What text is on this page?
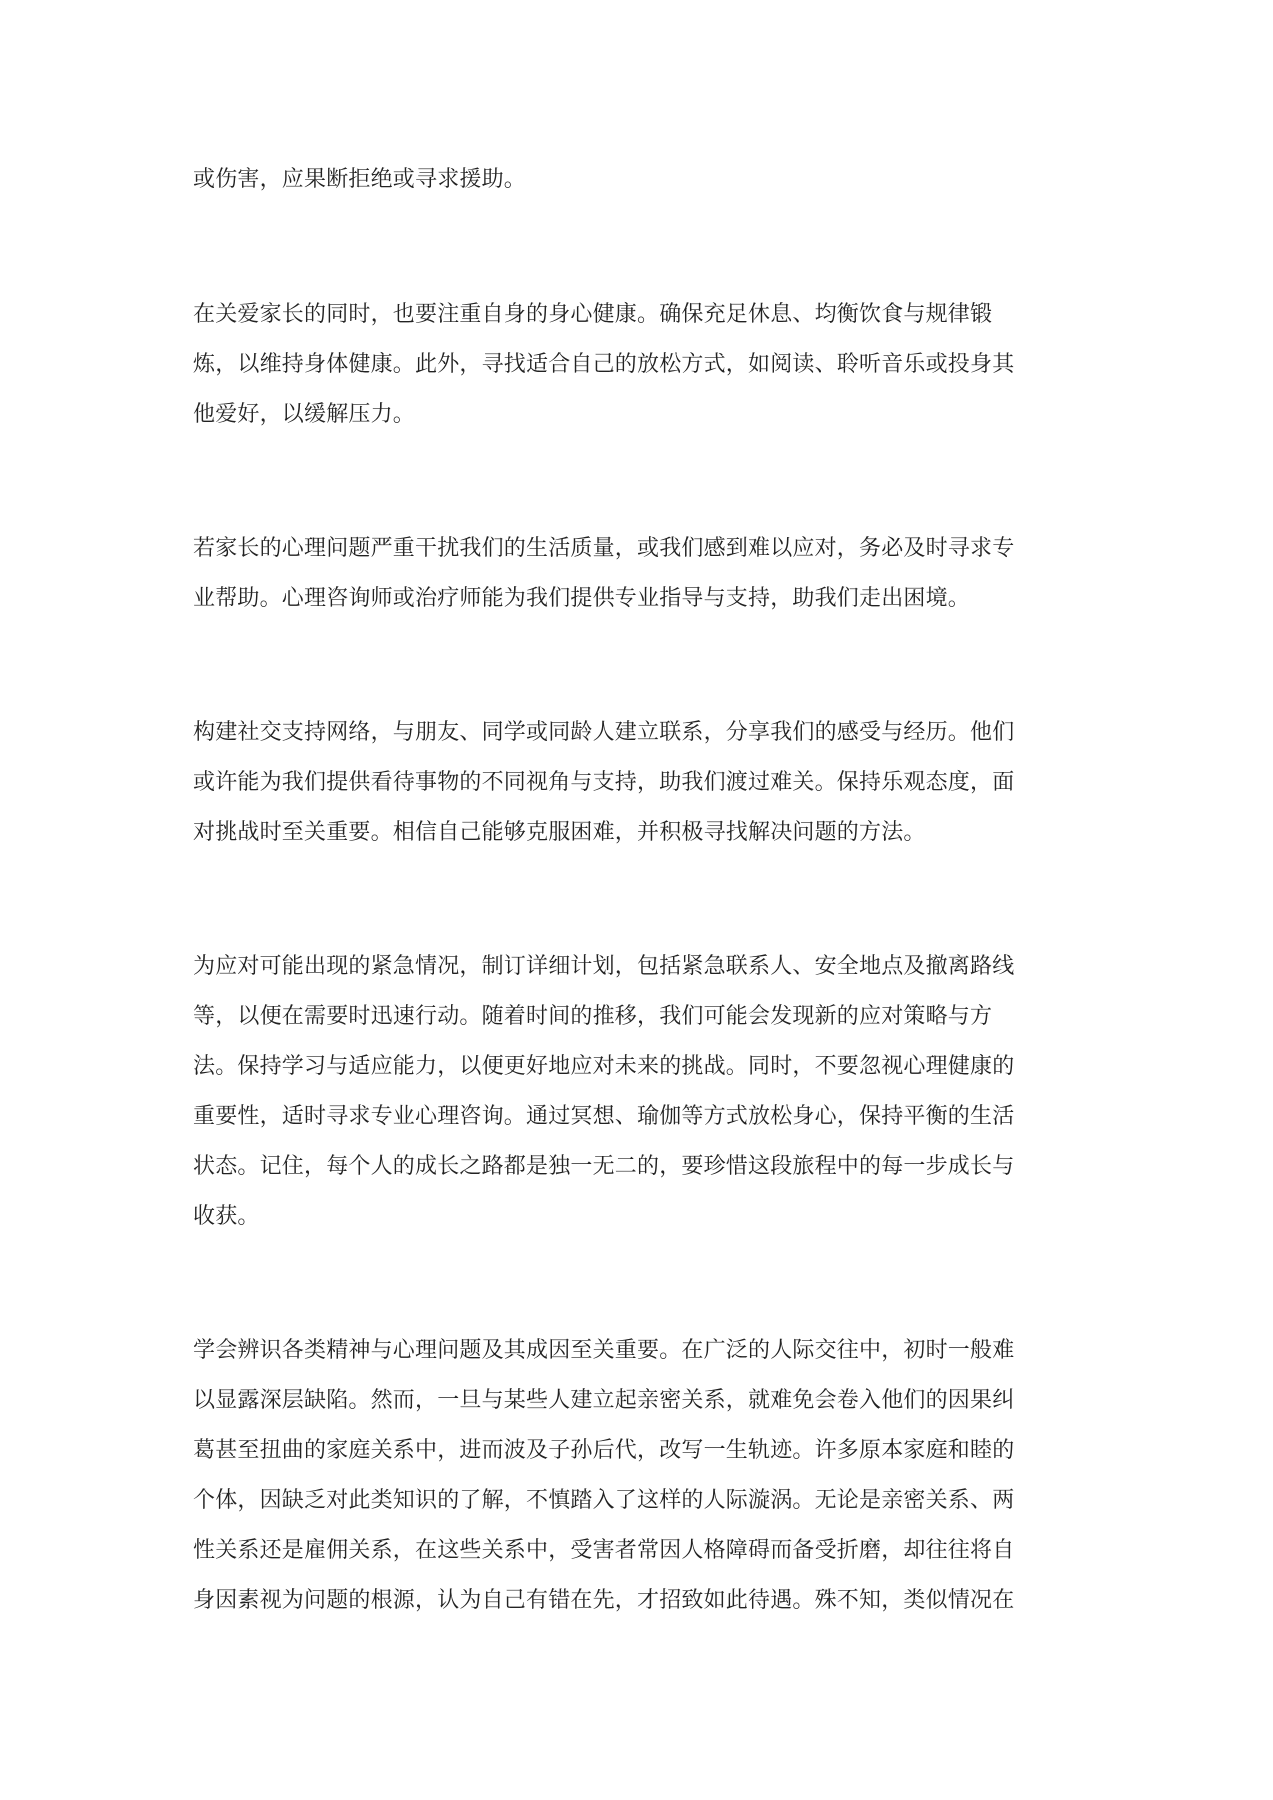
或伤害，应果断拒绝或寻求援助。
在关爱家长的同时，也要注重自身的身心健康。确保充足休息、均衡饮食与规律锻
炼，以维持身体健康。此外，寻找适合自己的放松方式，如阅读、聆听音乐或投身其
他爱好，以缓解压力。
若家长的心理问题严重干扰我们的生活质量，或我们感到难以应对，务必及时寻求专
业帮助。心理咨询师或治疗师能为我们提供专业指导与支持，助我们走出困境。
构建社交支持网络，与朋友、同学或同龄人建立联系，分享我们的感受与经历。他们
或许能为我们提供看待事物的不同视角与支持，助我们渡过难关。保持乐观态度，面
对挑战时至关重要。相信自己能够克服困难，并积极寻找解决问题的方法。
为应对可能出现的紧急情况，制订详细计划，包括紧急联系人、安全地点及撤离路线
等，以便在需要时迅速行动。随着时间的推移，我们可能会发现新的应对策略与方
法。保持学习与适应能力，以便更好地应对未来的挑战。同时，不要忽视心理健康的
重要性，适时寻求专业心理咨询。通过冥想、瑜伽等方式放松身心，保持平衡的生活
状态。记住，每个人的成长之路都是独一无二的，要珍惜这段旅程中的每一步成长与
收获。
学会辨识各类精神与心理问题及其成因至关重要。在广泛的人际交往中，初时一般难
以显露深层缺陷。然而，一旦与某些人建立起亲密关系，就难免会卷入他们的因果纠
葛甚至扭曲的家庭关系中，进而波及子孙后代，改写一生轨迹。许多原本家庭和睦的
个体，因缺乏对此类知识的了解，不慎踏入了这样的人际漩涡。无论是亲密关系、两
性关系还是雇佣关系，在这些关系中，受害者常因人格障碍而备受折磨，却往往将自
身因素视为问题的根源，认为自己有错在先，才招致如此待遇。殊不知，类似情况在
